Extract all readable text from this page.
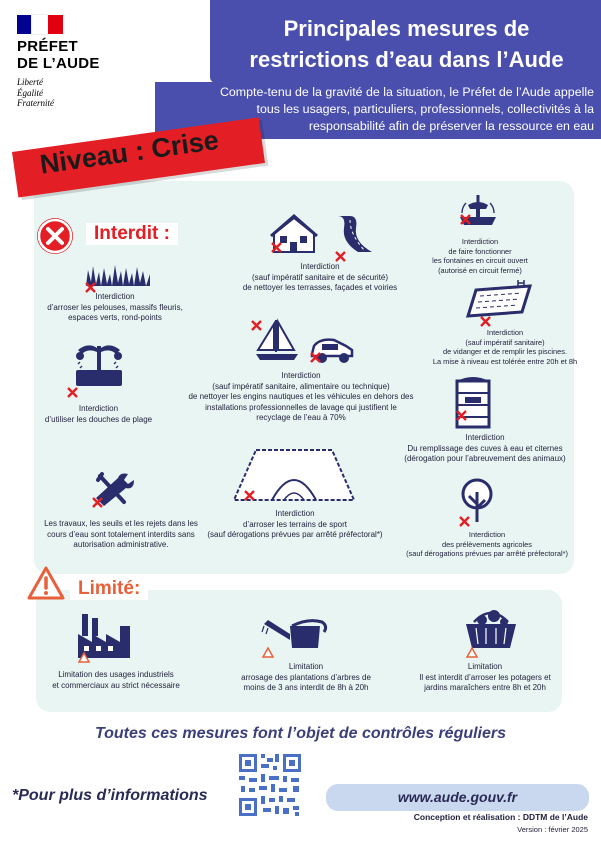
PRÉFET
DE L’AUDE
Liberté
Égalité
Fraternité
Principales mesures de
restrictions d’eau dans l’Aude
Compte-tenu de la gravité de la situation, le Préfet de l’Aude appelle
tous les usagers, particuliers, professionnels, collectivités à la
responsabilité afin de préserver la ressource en eau
Niveau : Crise
Interdit :
Interdiction
d’arroser les pelouses, massifs fleuris,
espaces verts, rond-points
Interdiction
(sauf impératif sanitaire et de sécurité)
de nettoyer les terrasses, façades et voiries
Interdiction
de faire fonctionner
les fontaines en circuit ouvert
(autorisé en circuit fermé)
Interdiction
(sauf impératif sanitaire)
de vidanger et de remplir les piscines.
La mise à niveau est tolérée entre 20h et 8h
Interdiction
d’utiliser les douches de plage
Interdiction
(sauf impératif sanitaire, alimentaire ou technique)
de nettoyer les engins nautiques et les véhicules en dehors des
installations professionnelles de lavage qui justifient le
recyclage de l’eau à 70%
Interdiction
Du remplissage des cuves à eau et citernes
(dérogation pour l’abreuvement des animaux)
Les travaux, les seuils et les rejets dans les
cours d’eau sont totalement interdits sans
autorisation administrative.
Interdiction
d’arroser les terrains de sport
(sauf dérogations prévues par arrêté préfectoral*)	Interdiction
des prélèvements agricoles
(sauf dérogations prévues par arrêté préfectoral*)
Limité:
Limitation des usages industriels
et commerciaux au strict nécessaire
Limitation
arrosage des plantations d’arbres de
moins de 3 ans interdit de 8h à 20h
Limitation
Il est interdit d’arroser les potagers et
jardins maraîchers entre 8h et 20h
Toutes ces mesures font l’objet de contrôles réguliers
*Pour plus d’informations	www.aude.gouv.fr
Conception et réalisation : DDTM de l’Aude
Version : février 2025
